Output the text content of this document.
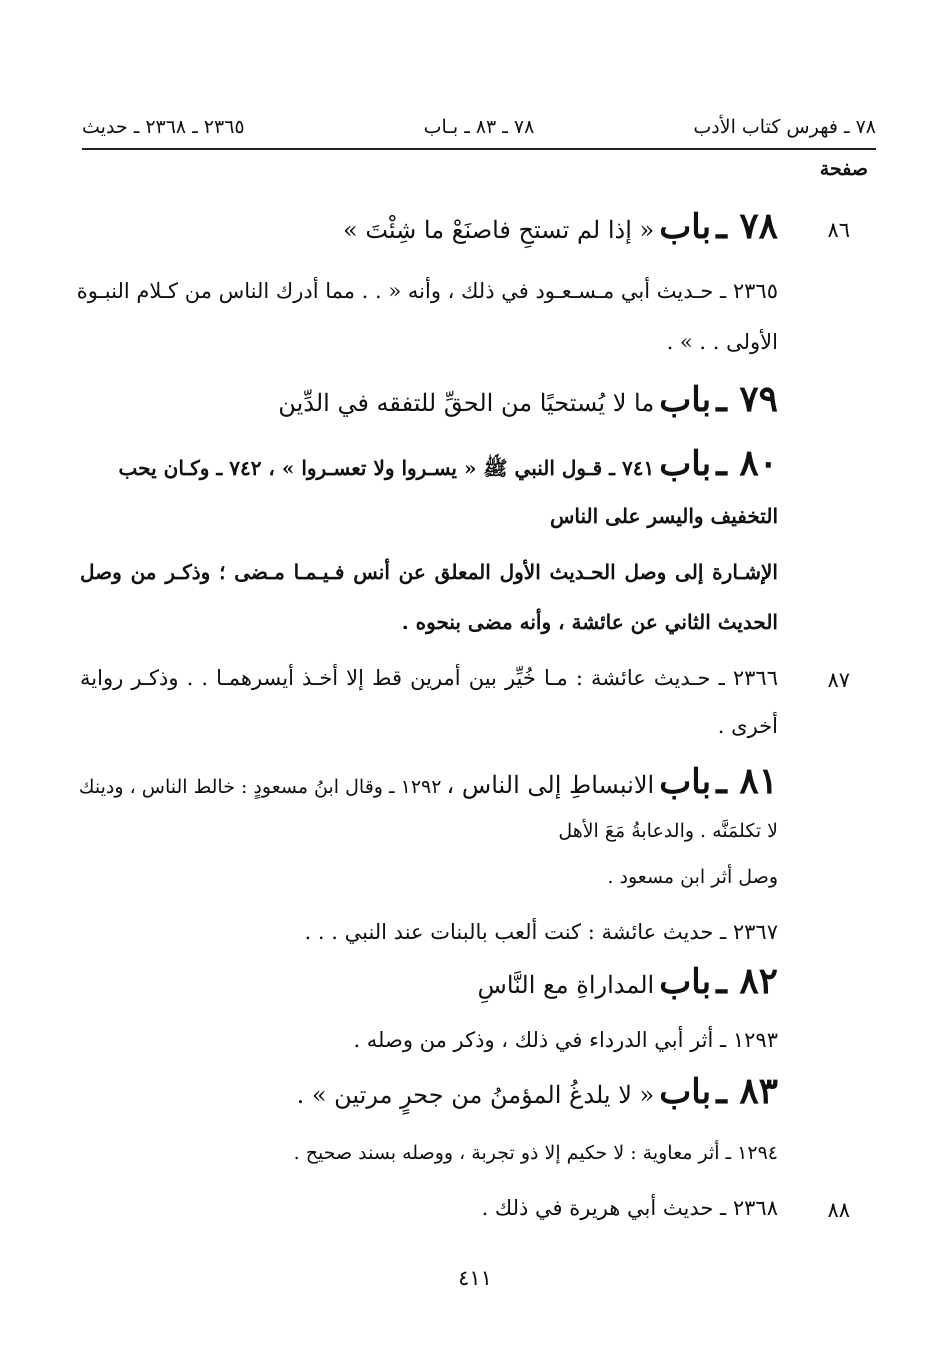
٧٨ ـ فهرس كتاب الأدب
٧٨ ـ ٨٣ ـ بـاب
٢٣٦٥ ـ ٢٣٦٨ ـ حديث
صفحة
٨٦
٧٨ ـ باب « إذا لم تستحِ فاصنَعْ ما شِئْتَ »
٢٣٦٥ ـ حـديث أبي مـسـعـود في ذلك ، وأنه « . . مما أدرك الناس من كـلام النبـوة
الأولى . . » .
٧٩ ـ باب ما لا يُستحيًا من الحقِّ للتفقه في الدِّين
٨٠ ـ باب ٧٤١ ـ قـول النبي ﷺ « يسـروا ولا تعسـروا » ، ٧٤٢ ـ وكـان يحب
التخفيف واليسر على الناس
الإشـارة إلى وصل الحـديث الأول المعلق عن أنس فـيـمـا مـضى ؛ وذكـر من وصل
الحديث الثاني عن عائشة ، وأنه مضى بنحوه .
٨٧
٢٣٦٦ ـ حـديث عائشة : مـا خُيِّر بين أمرين قط إلا أخـذ أيسرهمـا . . وذكـر رواية
أخرى .
٨١ ـ باب الانبساطِ إلى الناس ، ١٢٩٢ ـ وقال ابنُ مسعودٍ : خالط الناس ، ودينك
لا تكلمَنَّه . والدعابةُ مَعَ الأهل
وصل أثر ابن مسعود .
٢٣٦٧ ـ حديث عائشة : كنت ألعب بالبنات عند النبي . . .
٨٢ ـ باب المداراةِ مع النَّاسِ
١٢٩٣ ـ أثر أبي الدرداء في ذلك ، وذكر من وصله .
٨٣ ـ باب « لا يلدغُ المؤمنُ من جحرٍ مرتين » .
١٢٩٤ ـ أثر معاوية : لا حكيم إلا ذو تجربة ، ووصله بسند صحيح .
٨٨
٢٣٦٨ ـ حديث أبي هريرة في ذلك .
٤١١
